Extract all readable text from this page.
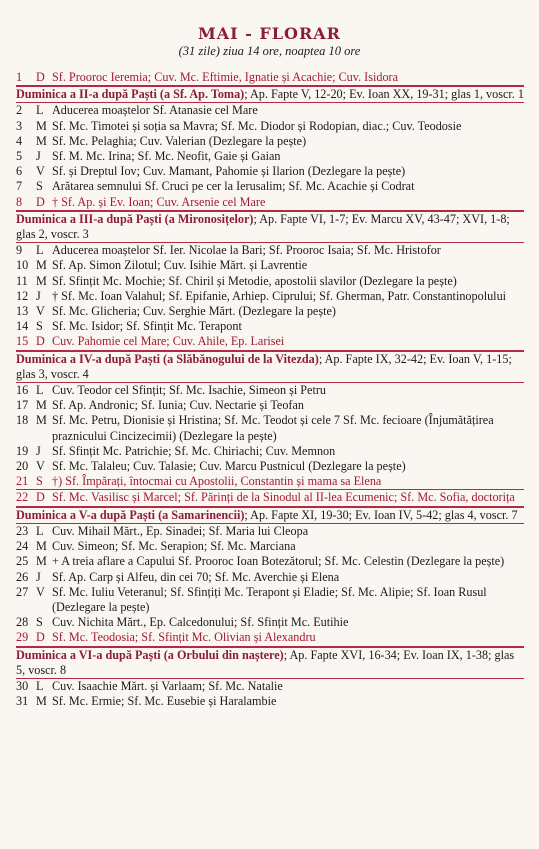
MAI - FLORAR
(31 zile) ziua 14 ore, noaptea 10 ore
1	D Sf. Prooroc Ieremia; Cuv. Mc. Eftimie, Ignatie și Acachie; Cuv. Isidora
Duminica a II-a după Paști (a Sf. Ap. Toma); Ap. Fapte V, 12-20; Ev. Ioan XX, 19-31; glas 1, voscr. 1
2	L Aducerea moaștelor Sf. Atanasie cel Mare
3	M Sf. Mc. Timotei și soția sa Mavra; Sf. Mc. Diodor și Rodopian, diac.; Cuv. Teodosie
4	M Sf. Mc. Pelaghia; Cuv. Valerian (Dezlegare la pește)
5	J Sf. M. Mc. Irina; Sf. Mc. Neofit, Gaie și Gaian
6	V Sf. și Dreptul Iov; Cuv. Mamant, Pahomie și Ilarion (Dezlegare la pește)
7	S Arătarea semnului Sf. Cruci pe cer la Ierusalim; Sf. Mc. Acachie și Codrat
8	D † Sf. Ap. și Ev. Ioan; Cuv. Arsenie cel Mare
Duminica a III-a după Paști (a Mironosițelor); Ap. Fapte VI, 1-7; Ev. Marcu XV, 43-47; XVI, 1-8; glas 2, voscr. 3
9	L Aducerea moaștelor Sf. Ier. Nicolae la Bari; Sf. Prooroc Isaia; Sf. Mc. Hristofor
10 M Sf. Ap. Simon Zilotul; Cuv. Isihie Mărt. și Lavrentie
11 M Sf. Sfințit Mc. Mochie; Sf. Chiril și Metodie, apostolii slavilor (Dezlegare la pește)
12 J † Sf. Mc. Ioan Valahul; Sf. Epifanie, Arhiep. Ciprului; Sf. Gherman, Patr. Constantinopolului
13 V Sf. Mc. Glicheria; Cuv. Serghie Mărt. (Dezlegare la pește)
14 S Sf. Mc. Isidor; Sf. Sfințit Mc. Terapont
15 D Cuv. Pahomie cel Mare; Cuv. Ahile, Ep. Larisei
Duminica a IV-a după Paști (a Slăbănogului de la Vitezda); Ap. Fapte IX, 32-42; Ev. Ioan V, 1-15; glas 3, voscr. 4
16 L Cuv. Teodor cel Sfințit; Sf. Mc. Isachie, Simeon și Petru
17 M Sf. Ap. Andronic; Sf. Iunia; Cuv. Nectarie și Teofan
18 M Sf. Mc. Petru, Dionisie și Hristina; Sf. Mc. Teodot și cele 7 Sf. Mc. fecioare (Înjumătățirea praznicului Cincizecimii) (Dezlegare la pește)
19 J Sf. Sfințit Mc. Patrichie; Sf. Mc. Chiriachi; Cuv. Memnon
20 V Sf. Mc. Talaleu; Cuv. Talasie; Cuv. Marcu Pustnicul (Dezlegare la pește)
21 S †) Sf. Împărați, întocmai cu Apostolii, Constantin și mama sa Elena
22 D Sf. Mc. Vasilisc și Marcel; Sf. Părinți de la Sinodul al II-lea Ecumenic; Sf. Mc. Sofia, doctorița
Duminica a V-a după Paști (a Samarinencii); Ap. Fapte XI, 19-30; Ev. Ioan IV, 5-42; glas 4, voscr. 7
23 L Cuv. Mihail Mărt., Ep. Sinadei; Sf. Maria lui Cleopa
24 M Cuv. Simeon; Sf. Mc. Serapion; Sf. Mc. Marciana
25 M + A treia aflare a Capului Sf. Prooroc Ioan Botezătorul; Sf. Mc. Celestin (Dezlegare la pește)
26 J Sf. Ap. Carp și Alfeu, din cei 70; Sf. Mc. Averchie și Elena
27 V Sf. Mc. Iuliu Veteranul; Sf. Sfințiți Mc. Terapont și Eladie; Sf. Mc. Alipie; Sf. Ioan Rusul (Dezlegare la pește)
28 S Cuv. Nichita Mărt., Ep. Calcedonului; Sf. Sfințit Mc. Eutihie
29 D Sf. Mc. Teodosia; Sf. Sfințit Mc. Olivian și Alexandru
Duminica a VI-a după Paști (a Orbului din naștere); Ap. Fapte XVI, 16-34; Ev. Ioan IX, 1-38; glas 5, voscr. 8
30 L Cuv. Isaachie Mărt. și Varlaam; Sf. Mc. Natalie
31 M Sf. Mc. Ermie; Sf. Mc. Eusebie și Haralambie
